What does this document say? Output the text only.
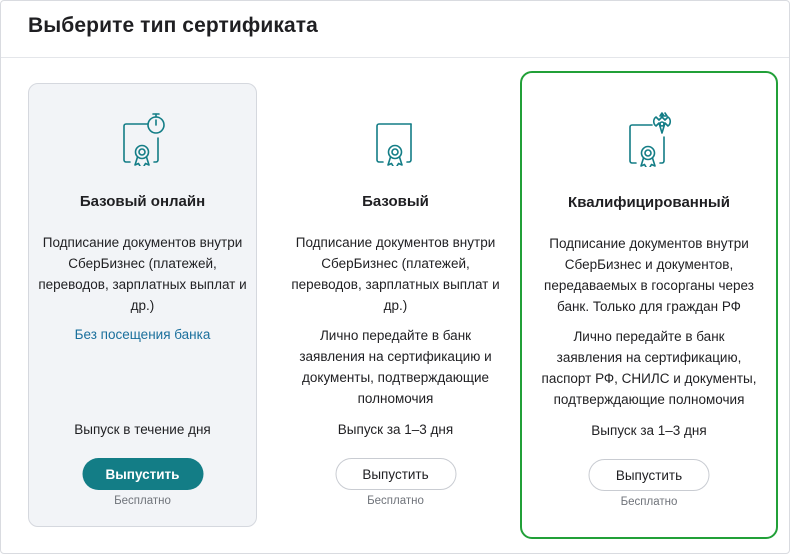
Выберите тип сертификата
Базовый онлайн
Подписание документов внутри
СберБизнес (платежей,
переводов, зарплатных выплат и
др.)
Без посещения банка
Выпуск в течение дня
Выпустить
Бесплатно
Базовый
Подписание документов внутри
СберБизнес (платежей,
переводов, зарплатных выплат и
др.)
Лично передайте в банк
заявления на сертификацию и
документы, подтверждающие
полномочия
Выпуск за 1–3 дня
Выпустить
Бесплатно
Квалифицированный
Подписание документов внутри
СберБизнес и документов,
передаваемых в госорганы через
банк. Только для граждан РФ
Лично передайте в банк
заявления на сертификацию,
паспорт РФ, СНИЛС и документы,
подтверждающие полномочия
Выпуск за 1–3 дня
Выпустить
Бесплатно
